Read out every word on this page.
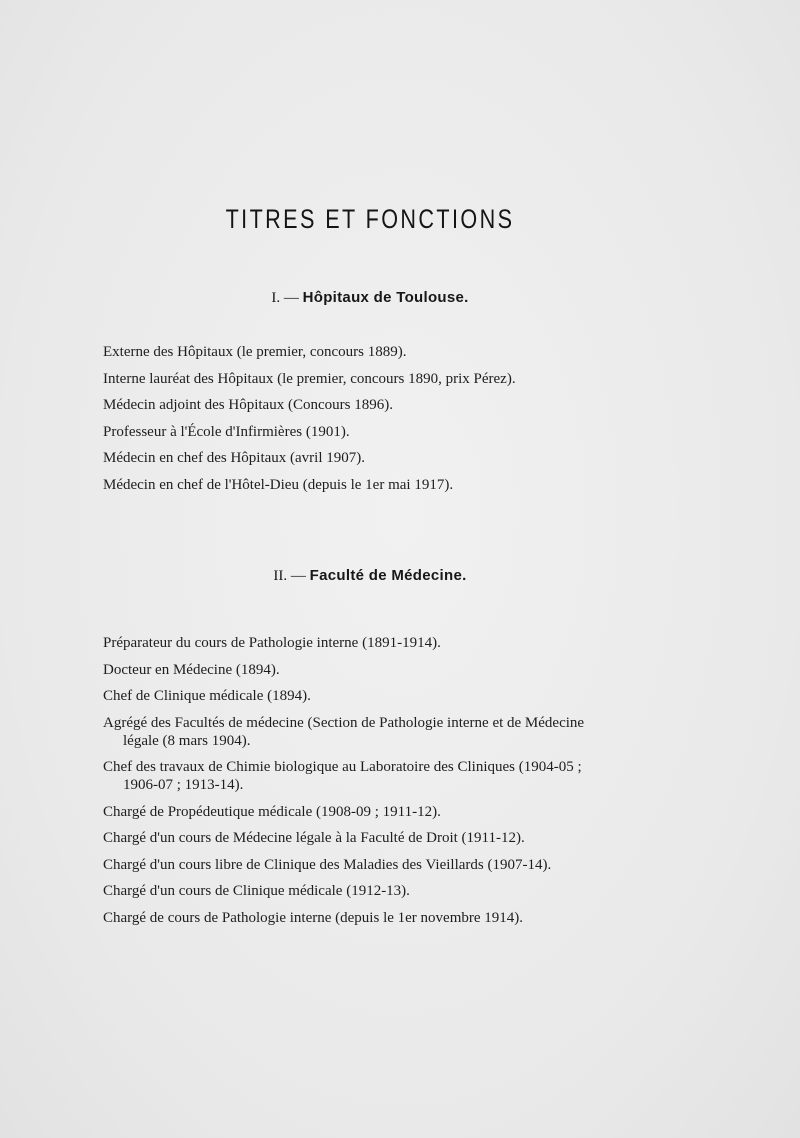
TITRES ET FONCTIONS
I. — Hôpitaux de Toulouse.
Externe des Hôpitaux (le premier, concours 1889).
Interne lauréat des Hôpitaux (le premier, concours 1890, prix Pérez).
Médecin adjoint des Hôpitaux (Concours 1896).
Professeur à l'École d'Infirmières (1901).
Médecin en chef des Hôpitaux (avril 1907).
Médecin en chef de l'Hôtel-Dieu (depuis le 1er mai 1917).
II. — Faculté de Médecine.
Préparateur du cours de Pathologie interne (1891-1914).
Docteur en Médecine (1894).
Chef de Clinique médicale (1894).
Agrégé des Facultés de médecine (Section de Pathologie interne et de Médecine
légale (8 mars 1904).
Chef des travaux de Chimie biologique au Laboratoire des Cliniques (1904-05 ;
1906-07 ; 1913-14).
Chargé de Propédeutique médicale (1908-09 ; 1911-12).
Chargé d'un cours de Médecine légale à la Faculté de Droit (1911-12).
Chargé d'un cours libre de Clinique des Maladies des Vieillards (1907-14).
Chargé d'un cours de Clinique médicale (1912-13).
Chargé de cours de Pathologie interne (depuis le 1er novembre 1914).
